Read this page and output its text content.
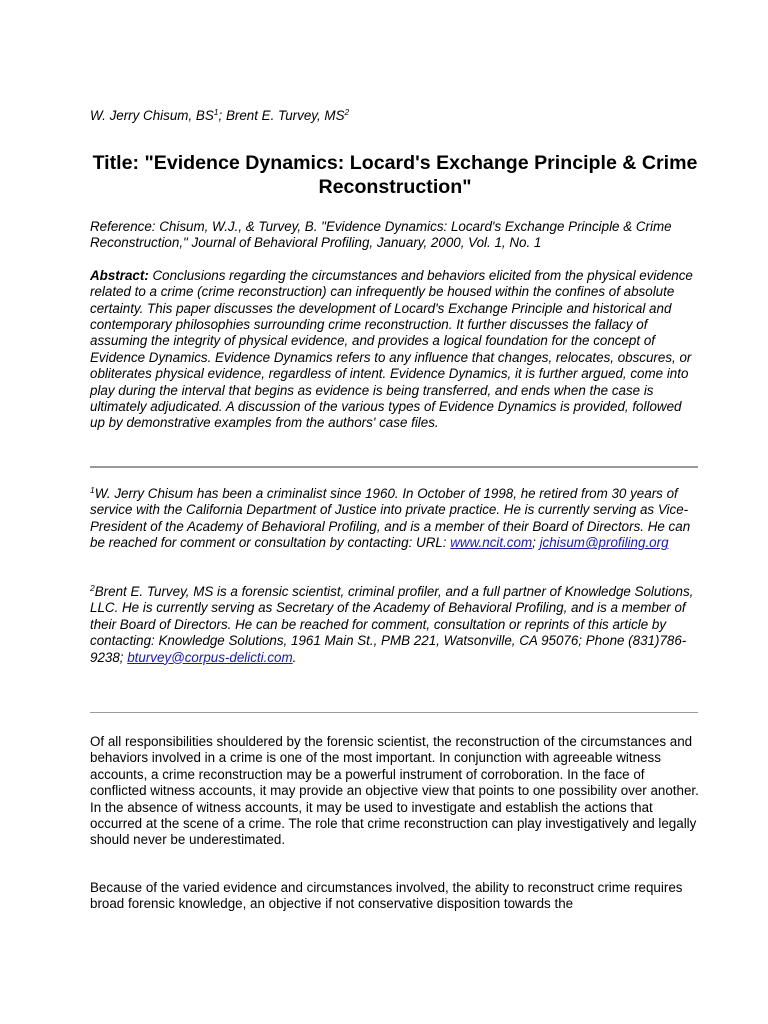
W. Jerry Chisum, $BS^1$; Brent E. Turvey, $MS^2$

Title: "Evidence Dynamics: Locard's Exchange Principle & Crime Reconstruction"

Reference: Chisum, W.J., & Turvey, B. "Evidence Dynamics: Locard's Exchange Principle & Crime Reconstruction," Journal of Behavioral Profiling, January, 2000, Vol. 1, No. 1

Abstract: Conclusions regarding the circumstances and behaviors elicited from the physical evidence related to a crime (crime reconstruction) can infrequently be housed within the confines of absolute certainty. This paper discusses the development of Locard's Exchange Principle and historical and contemporary philosophies surrounding crime reconstruction. It further discusses the fallacy of assuming the integrity of physical evidence, and provides a logical foundation for the concept of Evidence Dynamics. Evidence Dynamics refers to any influence that changes, relocates, obscures, or obliterates physical evidence, regardless of intent. Evidence Dynamics, it is further argued, come into play during the interval that begins as evidence is being transferred, and ends when the case is ultimately adjudicated. A discussion of the various types of Evidence Dynamics is provided, followed up by demonstrative examples from the authors' case files.

$^1$W. Jerry Chisum has been a criminalist since 1960. In October of 1998, he retired from 30 years of service with the California Department of Justice into private practice. He is currently serving as Vice-President of the Academy of Behavioral Profiling, and is a member of their Board of Directors. He can be reached for comment or consultation by contacting: URL: www.ncit.com; jchisum@profiling.org

$^2$Brent E. Turvey, MS is a forensic scientist, criminal profiler, and a full partner of Knowledge Solutions, LLC. He is currently serving as Secretary of the Academy of Behavioral Profiling, and is a member of their Board of Directors. He can be reached for comment, consultation or reprints of this article by contacting: Knowledge Solutions, 1961 Main St., PMB 221, Watsonville, CA 95076; Phone (831)786-9238; bturvey@corpus-delicti.com.

Of all responsibilities shouldered by the forensic scientist, the reconstruction of the circumstances and behaviors involved in a crime is one of the most important. In conjunction with agreeable witness accounts, a crime reconstruction may be a powerful instrument of corroboration. In the face of conflicted witness accounts, it may provide an objective view that points to one possibility over another. In the absence of witness accounts, it may be used to investigate and establish the actions that occurred at the scene of a crime. The role that crime reconstruction can play investigatively and legally should never be underestimated.

Because of the varied evidence and circumstances involved, the ability to reconstruct crime requires broad forensic knowledge, an objective if not conservative disposition towards the
